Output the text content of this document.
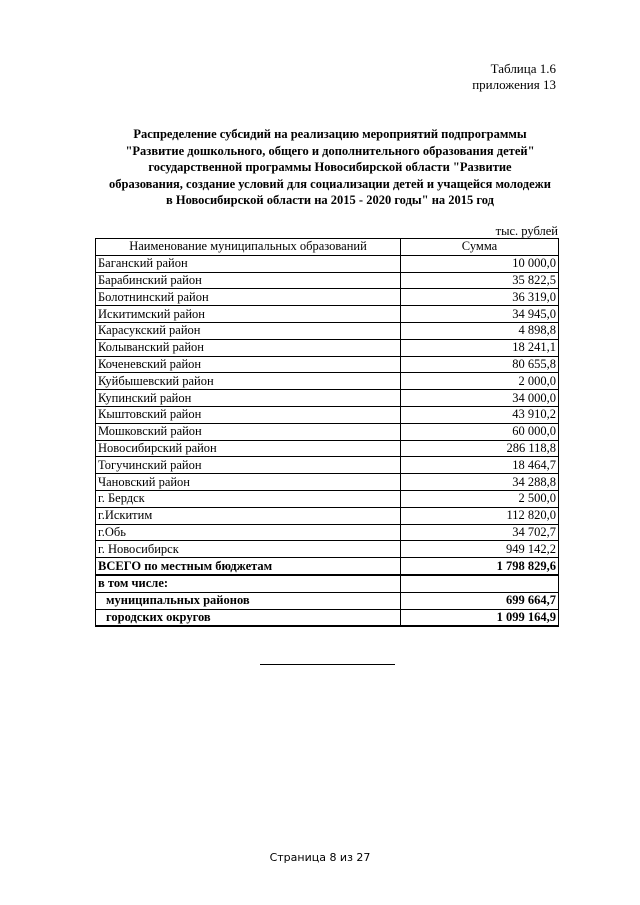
Таблица 1.6
приложения 13
Распределение субсидий на реализацию мероприятий подпрограммы
"Развитие дошкольного, общего и дополнительного образования детей"
государственной программы Новосибирской области "Развитие
образования, создание условий для социализации детей и учащейся молодежи
в Новосибирской области на 2015 - 2020 годы" на 2015 год
тыс. рублей
Наименование муниципальных образований	Сумма
Баганский район	10 000,0
Барабинский район	35 822,5
Болотнинский район	36 319,0
Искитимский район	34 945,0
Карасукский район	4 898,8
Колыванский район	18 241,1
Коченевский район	80 655,8
Куйбышевский район	2 000,0
Купинский район	34 000,0
Кыштовский район	43 910,2
Мошковский район	60 000,0
Новосибирский район	286 118,8
Тогучинский район	18 464,7
Чановский район	34 288,8
г. Бердск	2 500,0
г.Искитим	112 820,0
г.Обь	34 702,7
г. Новосибирск	949 142,2
ВСЕГО по местным бюджетам	1 798 829,6
в том числе:	
муниципальных районов	699 664,7
городских округов	1 099 164,9
Страница 8 из 27
